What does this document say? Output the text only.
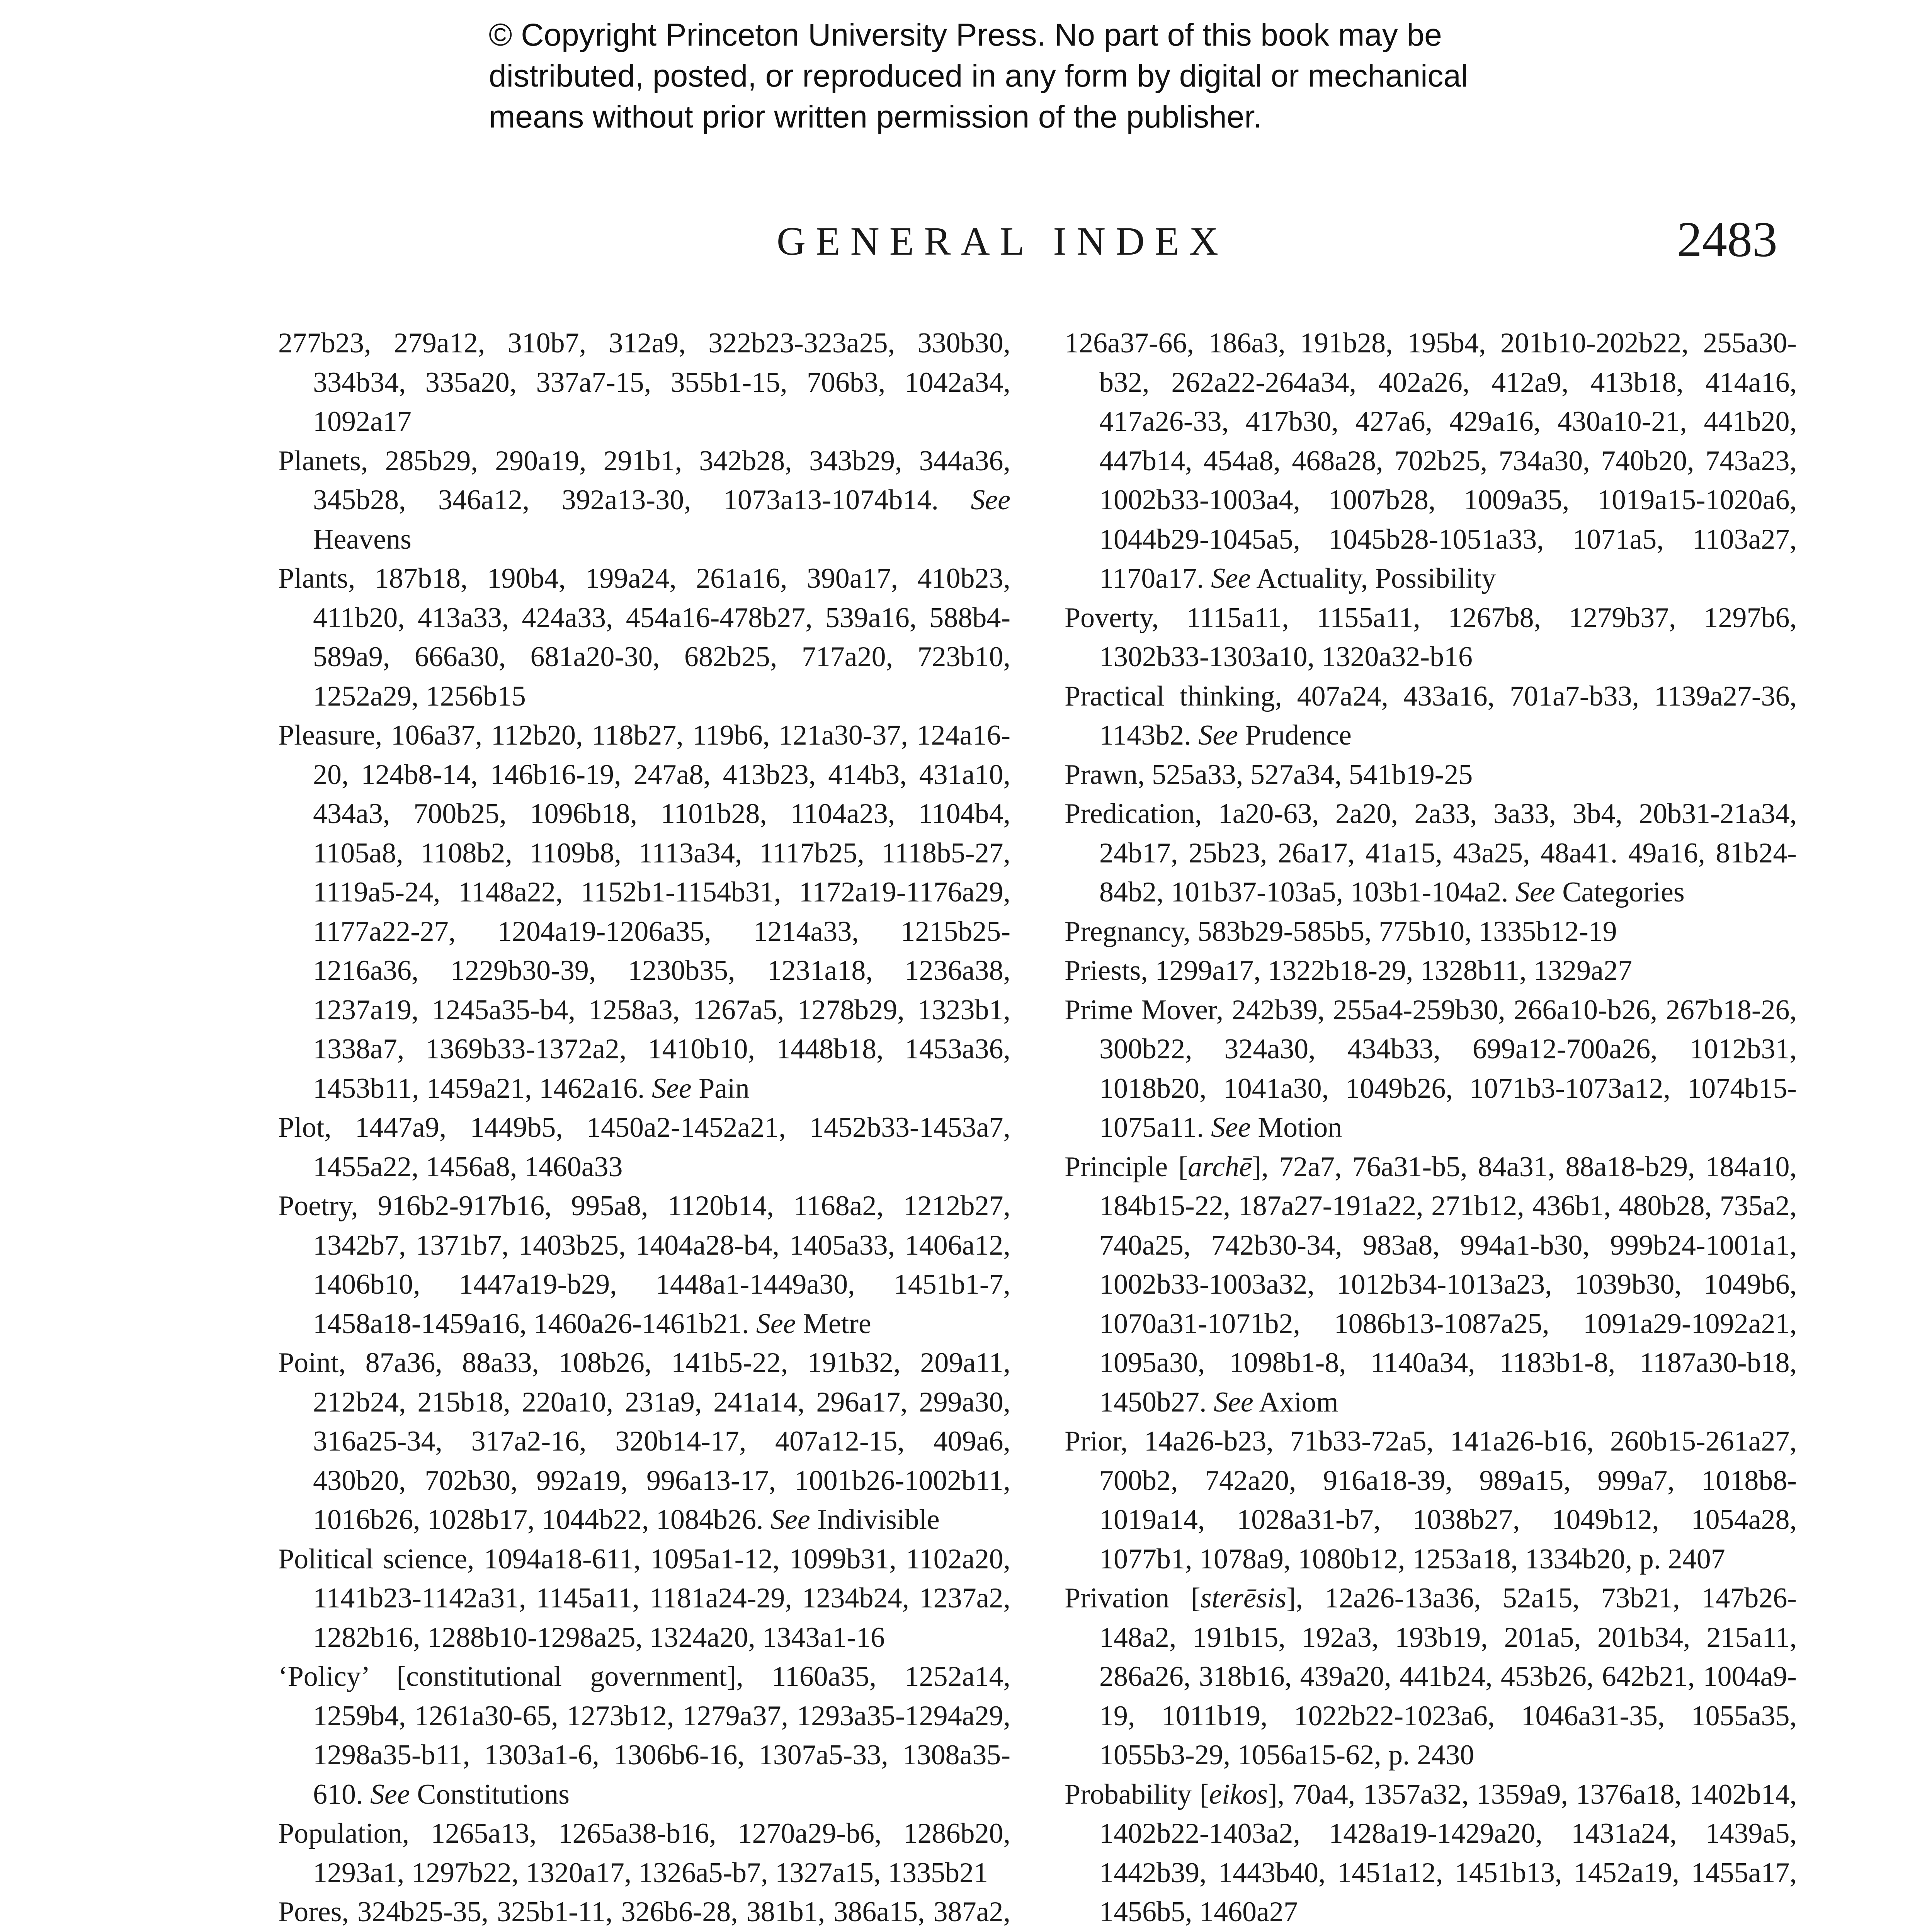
© Copyright Princeton University Press. No part of this book may be
distributed, posted, or reproduced in any form by digital or mechanical
means without prior written permission of the publisher.
GENERAL INDEX	2483
277b23, 279a12, 310b7, 312a9, 322b23-323a25, 330b30, 334b34, 335a20, 337a7-15, 355b1-15, 706b3, 1042a34, 1092a17
Planets, 285b29, 290a19, 291b1, 342b28, 343b29, 344a36, 345b28, 346a12, 392a13-30, 1073a13-1074b14. See Heavens
Plants, 187b18, 190b4, 199a24, 261a16, 390a17, 410b23, 411b20, 413a33, 424a33, 454a16-478b27, 539a16, 588b4-589a9, 666a30, 681a20-30, 682b25, 717a20, 723b10, 1252a29, 1256b15
Pleasure, 106a37, 112b20, 118b27, 119b6, 121a30-37, 124a16-20, 124b8-14, 146b16-19, 247a8, 413b23, 414b3, 431a10, 434a3, 700b25, 1096b18, 1101b28, 1104a23, 1104b4, 1105a8, 1108b2, 1109b8, 1113a34, 1117b25, 1118b5-27, 1119a5-24, 1148a22, 1152b1-1154b31, 1172a19-1176a29, 1177a22-27, 1204a19-1206a35, 1214a33, 1215b25-1216a36, 1229b30-39, 1230b35, 1231a18, 1236a38, 1237a19, 1245a35-b4, 1258a3, 1267a5, 1278b29, 1323b1, 1338a7, 1369b33-1372a2, 1410b10, 1448b18, 1453a36, 1453b11, 1459a21, 1462a16. See Pain
Plot, 1447a9, 1449b5, 1450a2-1452a21, 1452b33-1453a7, 1455a22, 1456a8, 1460a33
Poetry, 916b2-917b16, 995a8, 1120b14, 1168a2, 1212b27, 1342b7, 1371b7, 1403b25, 1404a28-b4, 1405a33, 1406a12, 1406b10, 1447a19-b29, 1448a1-1449a30, 1451b1-7, 1458a18-1459a16, 1460a26-1461b21. See Metre
Point, 87a36, 88a33, 108b26, 141b5-22, 191b32, 209a11, 212b24, 215b18, 220a10, 231a9, 241a14, 296a17, 299a30, 316a25-34, 317a2-16, 320b14-17, 407a12-15, 409a6, 430b20, 702b30, 992a19, 996a13-17, 1001b26-1002b11, 1016b26, 1028b17, 1044b22, 1084b26. See Indivisible
Political science, 1094a18-611, 1095a1-12, 1099b31, 1102a20, 1141b23-1142a31, 1145a11, 1181a24-29, 1234b24, 1237a2, 1282b16, 1288b10-1298a25, 1324a20, 1343a1-16
‘Policy’ [constitutional government], 1160a35, 1252a14, 1259b4, 1261a30-65, 1273b12, 1279a37, 1293a35-1294a29, 1298a35-b11, 1303a1-6, 1306b6-16, 1307a5-33, 1308a35-610. See Constitutions
Population, 1265a13, 1265a38-b16, 1270a29-b6, 1286b20, 1293a1, 1297b22, 1320a17, 1326a5-b7, 1327a15, 1335b21
Pores, 324b25-35, 325b1-11, 326b6-28, 381b1, 386a15, 387a2,
126a37-66, 186a3, 191b28, 195b4, 201b10-202b22, 255a30-b32, 262a22-264a34, 402a26, 412a9, 413b18, 414a16, 417a26-33, 417b30, 427a6, 429a16, 430a10-21, 441b20, 447b14, 454a8, 468a28, 702b25, 734a30, 740b20, 743a23, 1002b33-1003a4, 1007b28, 1009a35, 1019a15-1020a6, 1044b29-1045a5, 1045b28-1051a33, 1071a5, 1103a27, 1170a17. See Actuality, Possibility
Poverty, 1115a11, 1155a11, 1267b8, 1279b37, 1297b6, 1302b33-1303a10, 1320a32-b16
Practical thinking, 407a24, 433a16, 701a7-b33, 1139a27-36, 1143b2. See Prudence
Prawn, 525a33, 527a34, 541b19-25
Predication, 1a20-63, 2a20, 2a33, 3a33, 3b4, 20b31-21a34, 24b17, 25b23, 26a17, 41a15, 43a25, 48a41. 49a16, 81b24-84b2, 101b37-103a5, 103b1-104a2. See Categories
Pregnancy, 583b29-585b5, 775b10, 1335b12-19
Priests, 1299a17, 1322b18-29, 1328b11, 1329a27
Prime Mover, 242b39, 255a4-259b30, 266a10-b26, 267b18-26, 300b22, 324a30, 434b33, 699a12-700a26, 1012b31, 1018b20, 1041a30, 1049b26, 1071b3-1073a12, 1074b15-1075a11. See Motion
Principle [archē], 72a7, 76a31-b5, 84a31, 88a18-b29, 184a10, 184b15-22, 187a27-191a22, 271b12, 436b1, 480b28, 735a2, 740a25, 742b30-34, 983a8, 994a1-b30, 999b24-1001a1, 1002b33-1003a32, 1012b34-1013a23, 1039b30, 1049b6, 1070a31-1071b2, 1086b13-1087a25, 1091a29-1092a21, 1095a30, 1098b1-8, 1140a34, 1183b1-8, 1187a30-b18, 1450b27. See Axiom
Prior, 14a26-b23, 71b33-72a5, 141a26-b16, 260b15-261a27, 700b2, 742a20, 916a18-39, 989a15, 999a7, 1018b8-1019a14, 1028a31-b7, 1038b27, 1049b12, 1054a28, 1077b1, 1078a9, 1080b12, 1253a18, 1334b20, p. 2407
Privation [sterēsis], 12a26-13a36, 52a15, 73b21, 147b26-148a2, 191b15, 192a3, 193b19, 201a5, 201b34, 215a11, 286a26, 318b16, 439a20, 441b24, 453b26, 642b21, 1004a9-19, 1011b19, 1022b22-1023a6, 1046a31-35, 1055a35, 1055b3-29, 1056a15-62, p. 2430
Probability [eikos], 70a4, 1357a32, 1359a9, 1376a18, 1402b14, 1402b22-1403a2, 1428a19-1429a20, 1431a24, 1439a5, 1442b39, 1443b40, 1451a12, 1451b13, 1452a19, 1455a17, 1456b5, 1460a27
